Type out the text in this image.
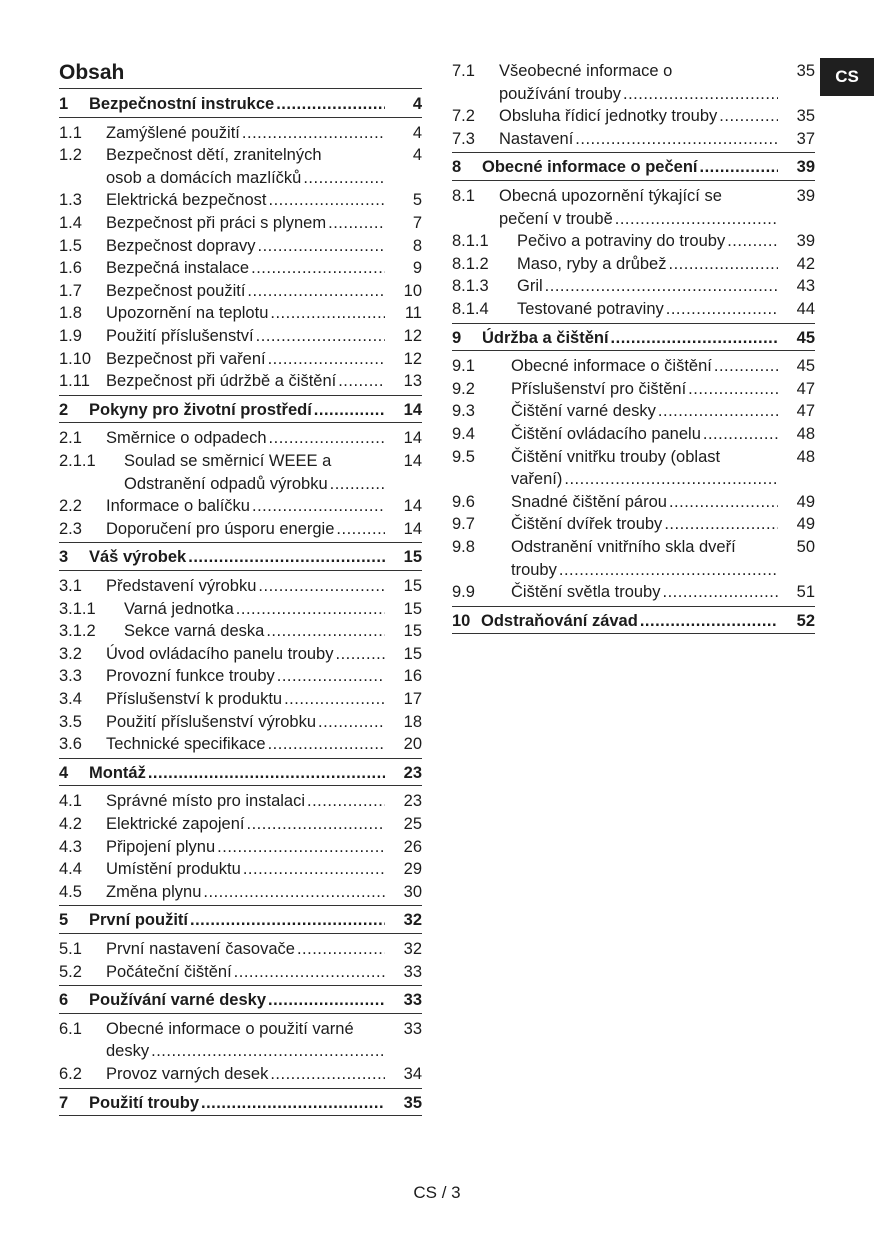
Obsah
1 Bezpečnostní instrukce .....	4
1.1 Zamýšlené použití .....	4
1.2 Bezpečnost dětí, zranitelných	4
osob a domácích mazlíčků
.....
1.3 Elektrická bezpečnost .....	5
1.4 Bezpečnost při práci s plynem .....	7
1.5 Bezpečnost dopravy .....	8
1.6 Bezpečná instalace .....	9
1.7 Bezpečnost použití .....	10
1.8 Upozornění na teplotu .....	11
1.9 Použití příslušenství .....	12
1.10 Bezpečnost při vaření .....	12
1.11 Bezpečnost při údržbě a čištění .....	13
2 Pokyny pro životní prostředí .....	14
2.1 Směrnice o odpadech .....	14
2.1.1 Soulad se směrnicí WEEE a	14
Odstranění odpadů výrobku
.....
2.2 Informace o balíčku .....	14
2.3 Doporučení pro úsporu energie .....	14
3 Váš výrobek .....	15
3.1 Představení výrobku .....	15
3.1.1 Varná jednotka .....	15
3.1.2 Sekce varná deska .....	15
3.2 Úvod ovládacího panelu trouby .....	15
3.3 Provozní funkce trouby .....	16
3.4 Příslušenství k produktu .....	17
3.5 Použití příslušenství výrobku .....	18
3.6 Technické specifikace .....	20
4 Montáž .....	23
4.1 Správné místo pro instalaci .....	23
4.2 Elektrické zapojení .....	25
4.3 Připojení plynu .....	26
4.4 Umístění produktu .....	29
4.5 Změna plynu .....	30
5 První použití .....	32
5.1 První nastavení časovače .....	32
5.2 Počáteční čištění .....	33
6 Používání varné desky .....	33
6.1 Obecné informace o použití varné	33
desky
.....
6.2 Provoz varných desek .....	34
7 Použití trouby .....	35
7.1 Všeobecné informace o	35
používání trouby
.....
7.2 Obsluha řídicí jednotky trouby .....	35
7.3 Nastavení .....	37
8 Obecné informace o pečení .....	39
8.1 Obecná upozornění týkající se	39
pečení v troubě
.....
8.1.1 Pečivo a potraviny do trouby .....	39
8.1.2 Maso, ryby a drůbež .....	42
8.1.3 Gril .....	43
8.1.4 Testované potraviny .....	44
9 Údržba a čištění .....	45
9.1 Obecné informace o čištění .....	45
9.2 Příslušenství pro čištění .....	47
9.3 Čištění varné desky .....	47
9.4 Čištění ovládacího panelu .....	48
9.5 Čištění vnitřku trouby (oblast	48
vaření)
.....
9.6 Snadné čištění párou .....	49
9.7 Čištění dvířek trouby .....	49
9.8 Odstranění vnitřního skla dveří	50
trouby
.....
9.9 Čištění světla trouby .....	51
10 Odstraňování závad .....	52
CS
CS / 3
